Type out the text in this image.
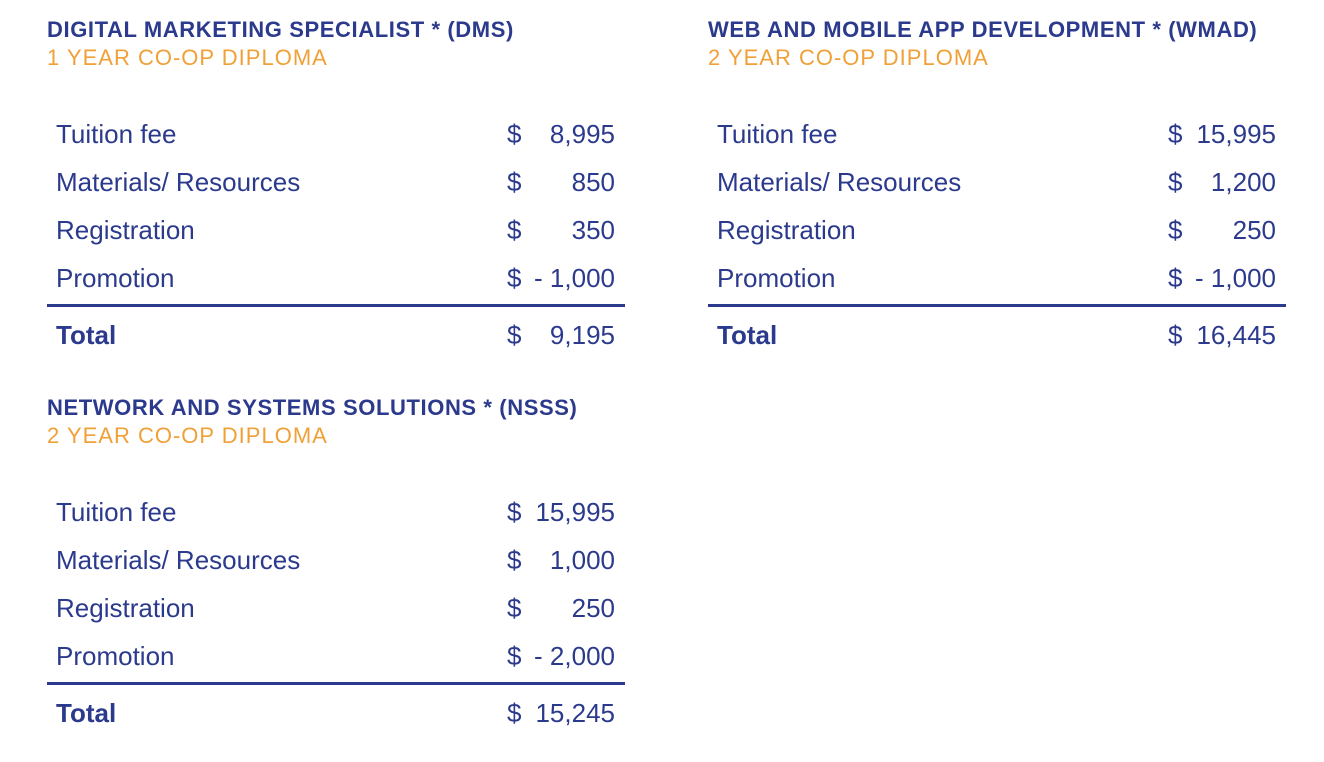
DIGITAL MARKETING SPECIALIST * (DMS)
1 YEAR CO-OP DIPLOMA
Tuition fee	$ 8,995
Materials/ Resources	$ 850
Registration	$ 350
Promotion	$ - 1,000
Total	$ 9,195
WEB AND MOBILE APP DEVELOPMENT * (WMAD)
2 YEAR CO-OP DIPLOMA
Tuition fee	$ 15,995
Materials/ Resources	$ 1,200
Registration	$ 250
Promotion	$ - 1,000
Total	$ 16,445
NETWORK AND SYSTEMS SOLUTIONS * (NSSS)
2 YEAR CO-OP DIPLOMA
Tuition fee	$ 15,995
Materials/ Resources	$ 1,000
Registration	$ 250
Promotion	$ - 2,000
Total	$ 15,245
